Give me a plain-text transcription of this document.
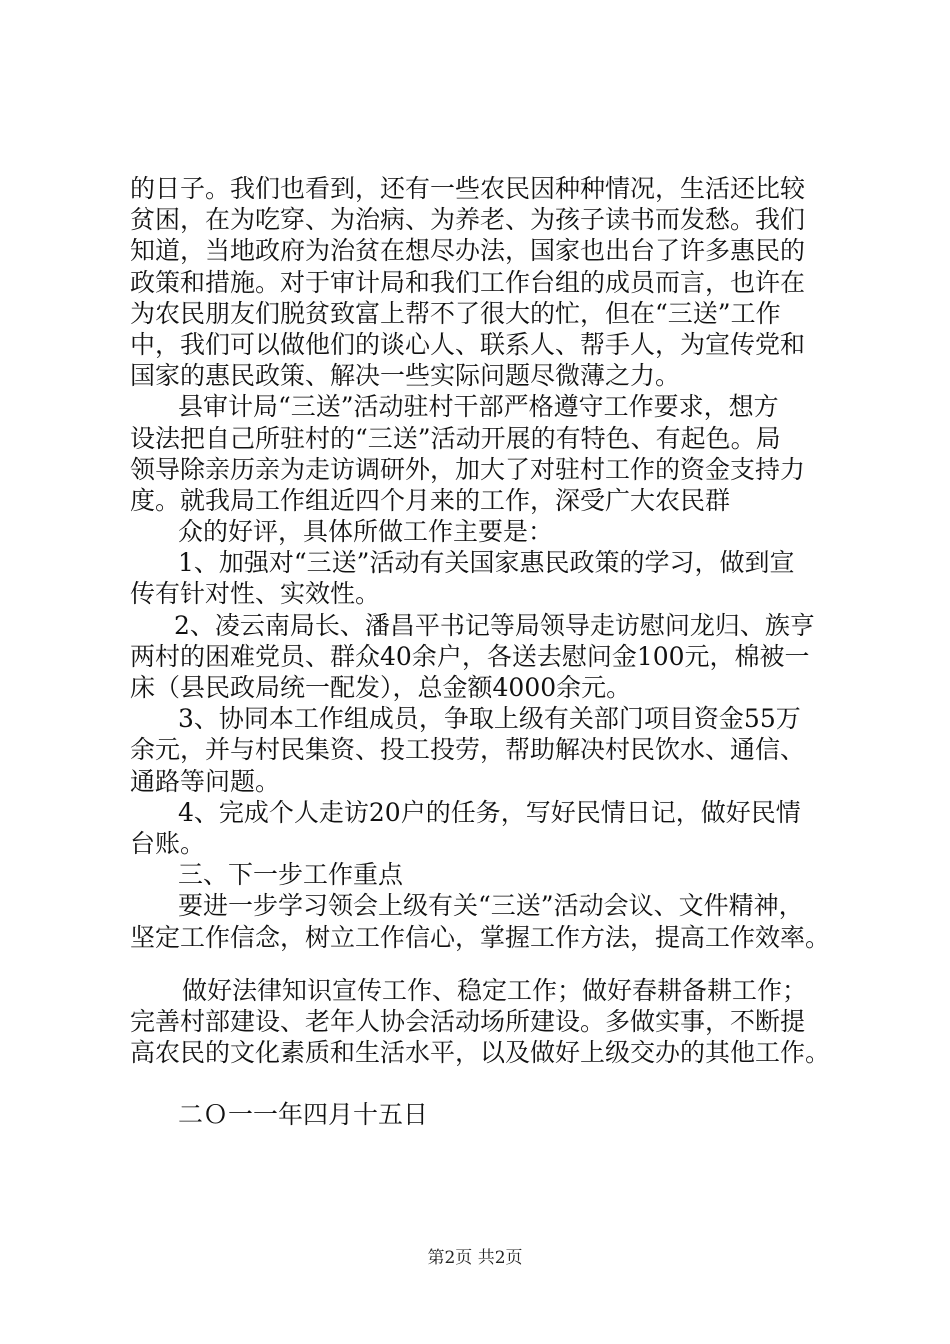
的日子。我们也看到，还有一些农民因种种情况，生活还比较
贫困，在为吃穿、为治病、为养老、为孩子读书而发愁。我们
知道，当地政府为治贫在想尽办法，国家也出台了许多惠民的
政策和措施。对于审计局和我们工作台组的成员而言，也许在
为农民朋友们脱贫致富上帮不了很大的忙，但在“三送”工作
中，我们可以做他们的谈心人、联系人、帮手人，为宣传党和
国家的惠民政策、解决一些实际问题尽微薄之力。
县审计局“三送”活动驻村干部严格遵守工作要求，想方
设法把自己所驻村的“三送”活动开展的有特色、有起色。局
领导除亲历亲为走访调研外，加大了对驻村工作的资金支持力
度。就我局工作组近四个月来的工作，深受广大农民群
众的好评，具体所做工作主要是：
1、加强对“三送”活动有关国家惠民政策的学习，做到宣
传有针对性、实效性。
2、凌云南局长、潘昌平书记等局领导走访慰问龙归、族亨
两村的困难党员、群众40余户，各送去慰问金100元，棉被一
床（县民政局统一配发），总金额4000余元。
3、协同本工作组成员，争取上级有关部门项目资金55万
余元，并与村民集资、投工投劳，帮助解决村民饮水、通信、
通路等问题。
4、完成个人走访20户的任务，写好民情日记，做好民情
台账。
三、下一步工作重点
要进一步学习领会上级有关“三送”活动会议、文件精神，
坚定工作信念，树立工作信心，掌握工作方法，提高工作效率。
做好法律知识宣传工作、稳定工作；做好春耕备耕工作；
完善村部建设、老年人协会活动场所建设。多做实事，不断提
高农民的文化素质和生活水平，以及做好上级交办的其他工作。
二Ｏ一一年四月十五日
第2页 共2页
